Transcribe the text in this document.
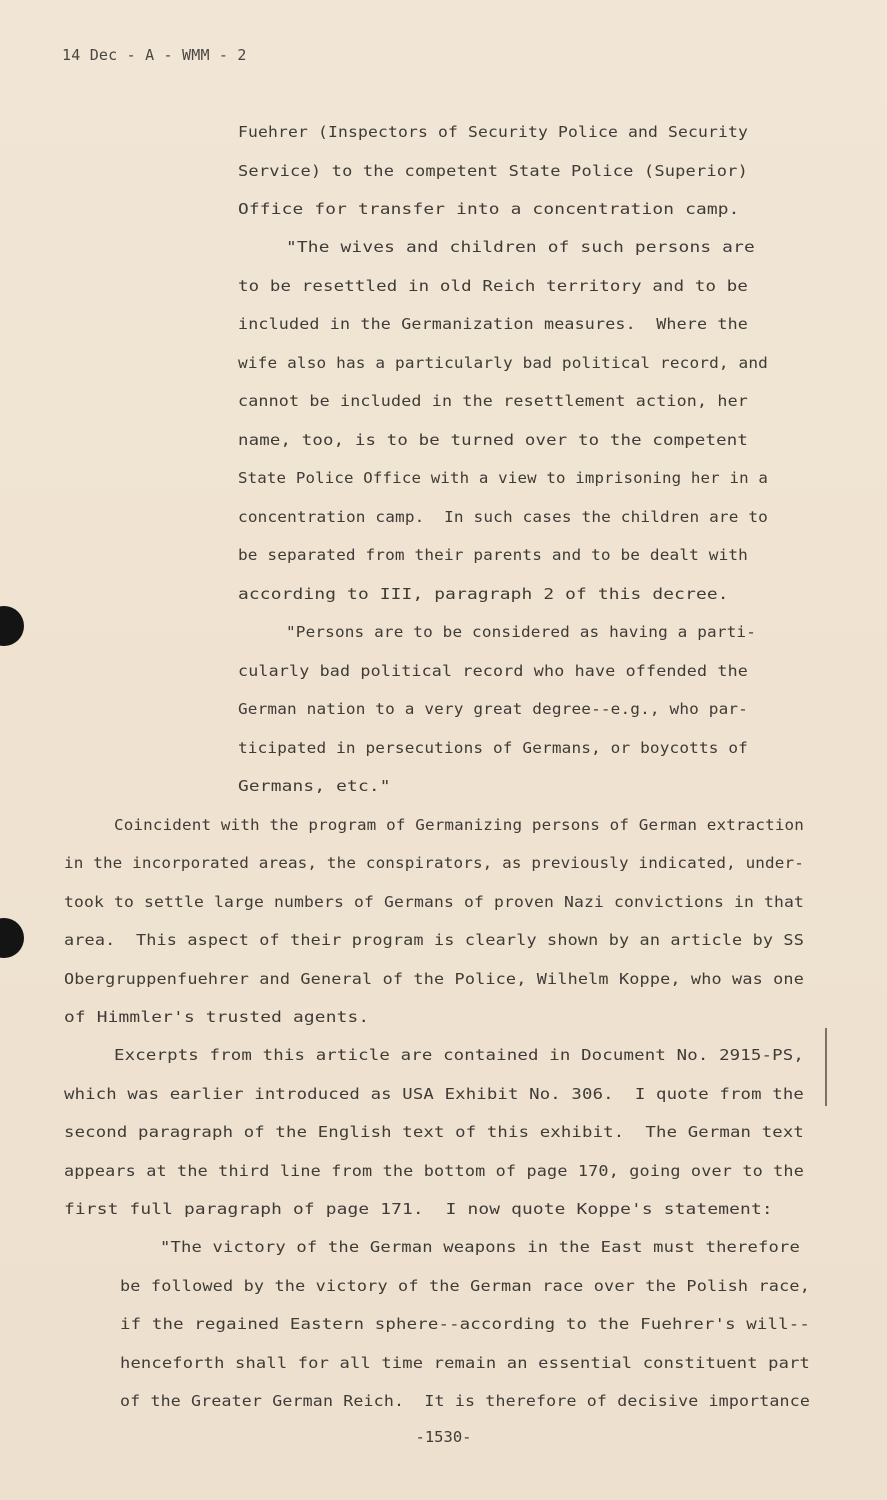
14 Dec - A - WMM - 2
Fuehrer (Inspectors of Security Police and Security
Service) to the competent State Police (Superior)
Office for transfer into a concentration camp.
"The wives and children of such persons are
to be resettled in old Reich territory and to be
included in the Germanization measures.  Where the
wife also has a particularly bad political record, and
cannot be included in the resettlement action, her
name, too, is to be turned over to the competent
State Police Office with a view to imprisoning her in a
concentration camp.  In such cases the children are to
be separated from their parents and to be dealt with
according to III, paragraph 2 of this decree.
"Persons are to be considered as having a parti-
cularly bad political record who have offended the
German nation to a very great degree--e.g., who par-
ticipated in persecutions of Germans, or boycotts of
Germans, etc."
Coincident with the program of Germanizing persons of German extraction
in the incorporated areas, the conspirators, as previously indicated, under-
took to settle large numbers of Germans of proven Nazi convictions in that
area.  This aspect of their program is clearly shown by an article by SS
Obergruppenfuehrer and General of the Police, Wilhelm Koppe, who was one
of Himmler's trusted agents.
Excerpts from this article are contained in Document No. 2915-PS,
which was earlier introduced as USA Exhibit No. 306.  I quote from the
second paragraph of the English text of this exhibit.  The German text
appears at the third line from the bottom of page 170, going over to the
first full paragraph of page 171.  I now quote Koppe's statement:
"The victory of the German weapons in the East must therefore
be followed by the victory of the German race over the Polish race,
if the regained Eastern sphere--according to the Fuehrer's will--
henceforth shall for all time remain an essential constituent part
of the Greater German Reich.  It is therefore of decisive importance
-1530-
